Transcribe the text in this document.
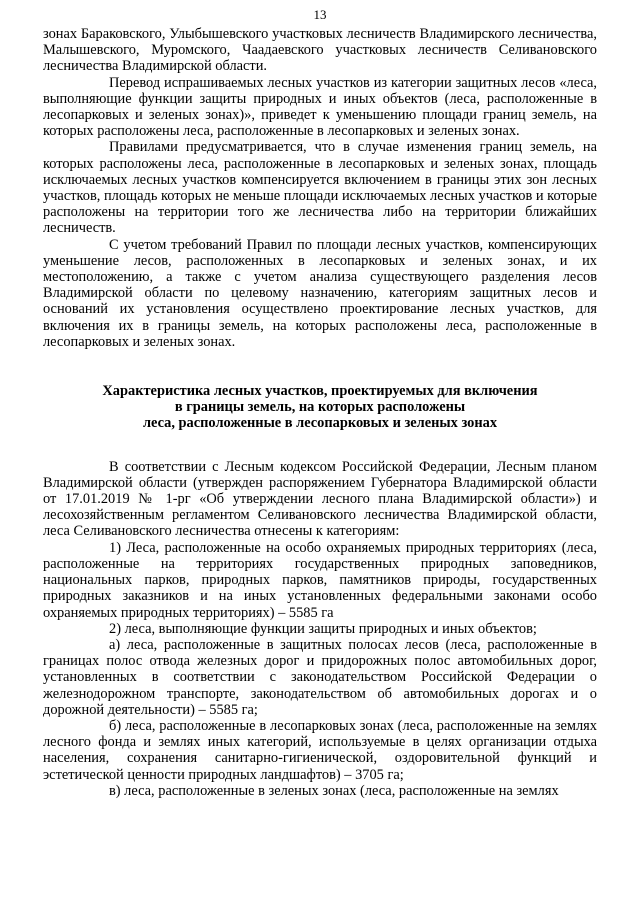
13

зонах Бараковского, Улыбышевского участковых лесничеств Владимирского лесничества, Малышевского, Муромского, Чаадаевского участковых лесничеств Селивановского лесничества Владимирской области.

Перевод испрашиваемых лесных участков из категории защитных лесов «леса, выполняющие функции защиты природных и иных объектов (леса, расположенные в лесопарковых и зеленых зонах)», приведет к уменьшению площади границ земель, на которых расположены леса, расположенные в лесопарковых и зеленых зонах.

Правилами предусматривается, что в случае изменения границ земель, на которых расположены леса, расположенные в лесопарковых и зеленых зонах, площадь исключаемых лесных участков компенсируется включением в границы этих зон лесных участков, площадь которых не меньше площади исключаемых лесных участков и которые расположены на территории того же лесничества либо на территории ближайших лесничеств.

С учетом требований Правил по площади лесных участков, компенсирующих уменьшение лесов, расположенных в лесопарковых и зеленых зонах, и их местоположению, а также с учетом анализа существующего разделения лесов Владимирской области по целевому назначению, категориям защитных лесов и оснований их установления осуществлено проектирование лесных участков, для включения их в границы земель, на которых расположены леса, расположенные в лесопарковых и зеленых зонах.

Характеристика лесных участков, проектируемых для включения
в границы земель, на которых расположены
леса, расположенные в лесопарковых и зеленых зонах

В соответствии с Лесным кодексом Российской Федерации, Лесным планом Владимирской области (утвержден распоряжением Губернатора Владимирской области от 17.01.2019 № 1-рг «Об утверждении лесного плана Владимирской области») и лесохозяйственным регламентом Селивановского лесничества Владимирской области, леса Селивановского лесничества отнесены к категориям:

1) Леса, расположенные на особо охраняемых природных территориях (леса, расположенные на территориях государственных природных заповедников, национальных парков, природных парков, памятников природы, государственных природных заказников и на иных установленных федеральными законами особо охраняемых природных территориях) – 5585 га

2) леса, выполняющие функции защиты природных и иных объектов;

а) леса, расположенные в защитных полосах лесов (леса, расположенные в границах полос отвода железных дорог и придорожных полос автомобильных дорог, установленных в соответствии с законодательством Российской Федерации о железнодорожном транспорте, законодательством об автомобильных дорогах и о дорожной деятельности) – 5585 га;

б) леса, расположенные в лесопарковых зонах (леса, расположенные на землях лесного фонда и землях иных категорий, используемые в целях организации отдыха населения, сохранения санитарно-гигиенической, оздоровительной функций и эстетической ценности природных ландшафтов) – 3705 га;

в) леса, расположенные в зеленых зонах (леса, расположенные на землях
